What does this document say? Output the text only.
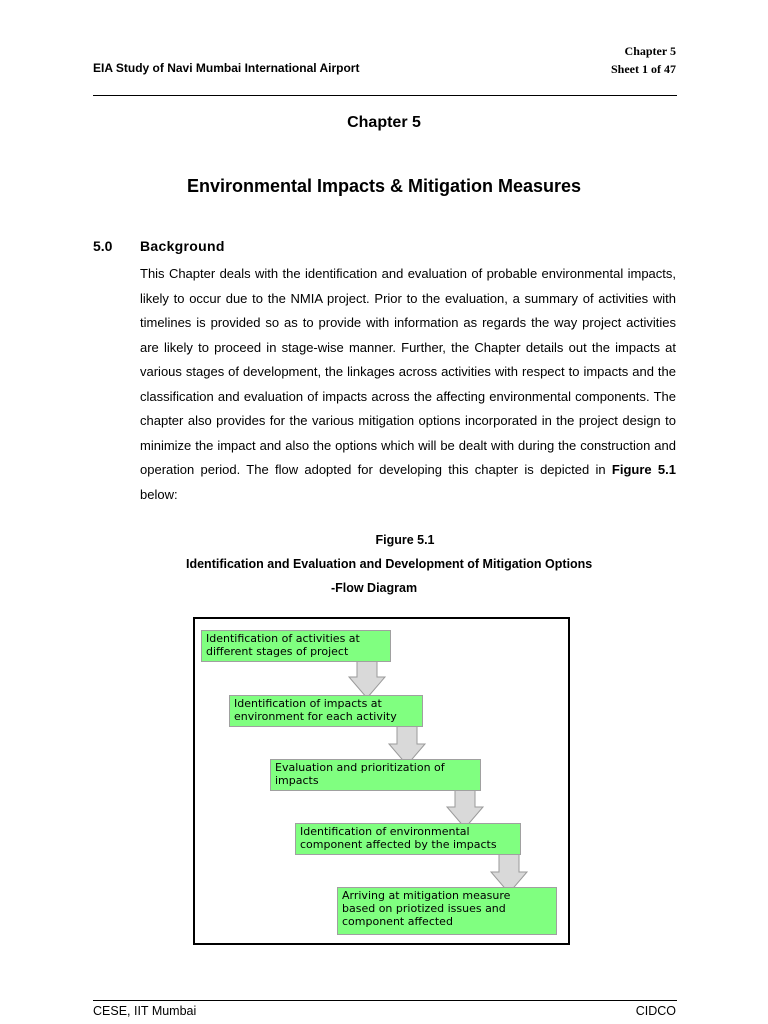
EIA Study of Navi Mumbai International Airport
Chapter 5
Sheet 1 of 47
Chapter 5
Environmental Impacts & Mitigation Measures
5.0 Background
This Chapter deals with the identification and evaluation of probable environmental impacts, likely to occur due to the NMIA project. Prior to the evaluation, a summary of activities with timelines is provided so as to provide with information as regards the way project activities are likely to proceed in stage-wise manner. Further, the Chapter details out the impacts at various stages of development, the linkages across activities with respect to impacts and the classification and evaluation of impacts across the affecting environmental components. The chapter also provides for the various mitigation options incorporated in the project design to minimize the impact and also the options which will be dealt with during the construction and operation period. The flow adopted for developing this chapter is depicted in Figure 5.1 below:
Figure 5.1
Identification and Evaluation and Development of Mitigation Options
-Flow Diagram
Identification of activities at
different stages of project
Identification of impacts at
environment for each activity
Evaluation and prioritization of
impacts
Identification of environmental
component affected by the impacts
Arriving at mitigation measure
based on priotized issues and
component affected
CESE, IIT Mumbai	CIDCO
